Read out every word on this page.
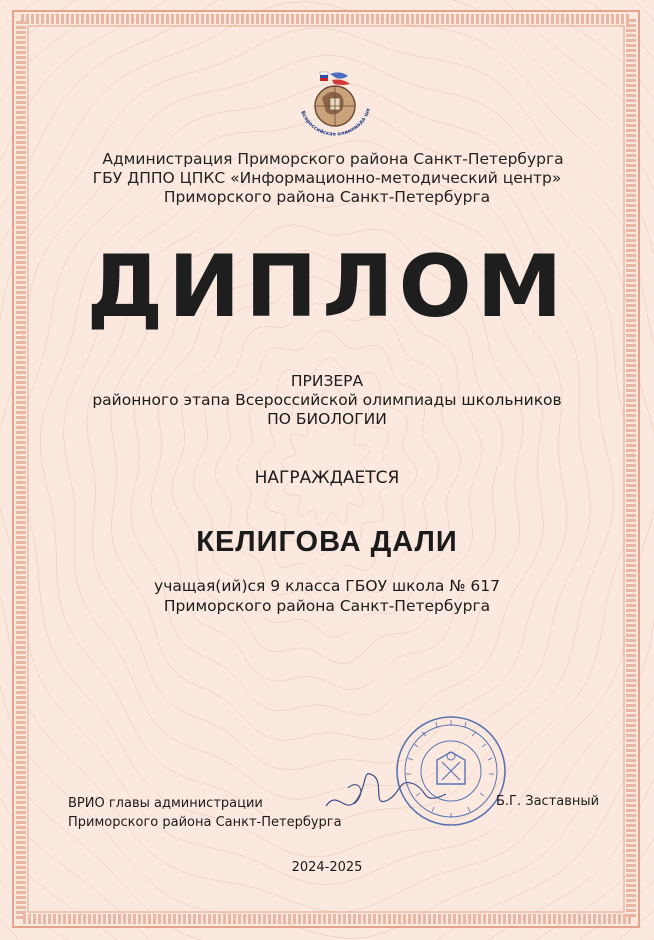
Всероссийская олимпиада шк
Администрация Приморского района Санкт-Петербурга
ГБУ ДППО ЦПКС «Информационно-методический центр»
Приморского района Санкт-Петербурга
ДИПЛОМ
ПРИЗЕРА
районного этапа Всероссийской олимпиады школьников
ПО БИОЛОГИИ
НАГРАЖДАЕТСЯ
КЕЛИГОВА ДАЛИ
учащая(ий)ся 9 класса ГБОУ школа № 617
Приморского района Санкт-Петербурга
ВРИО главы администрации
Приморского района Санкт-Петербурга
Б.Г. Заставный
2024-2025
